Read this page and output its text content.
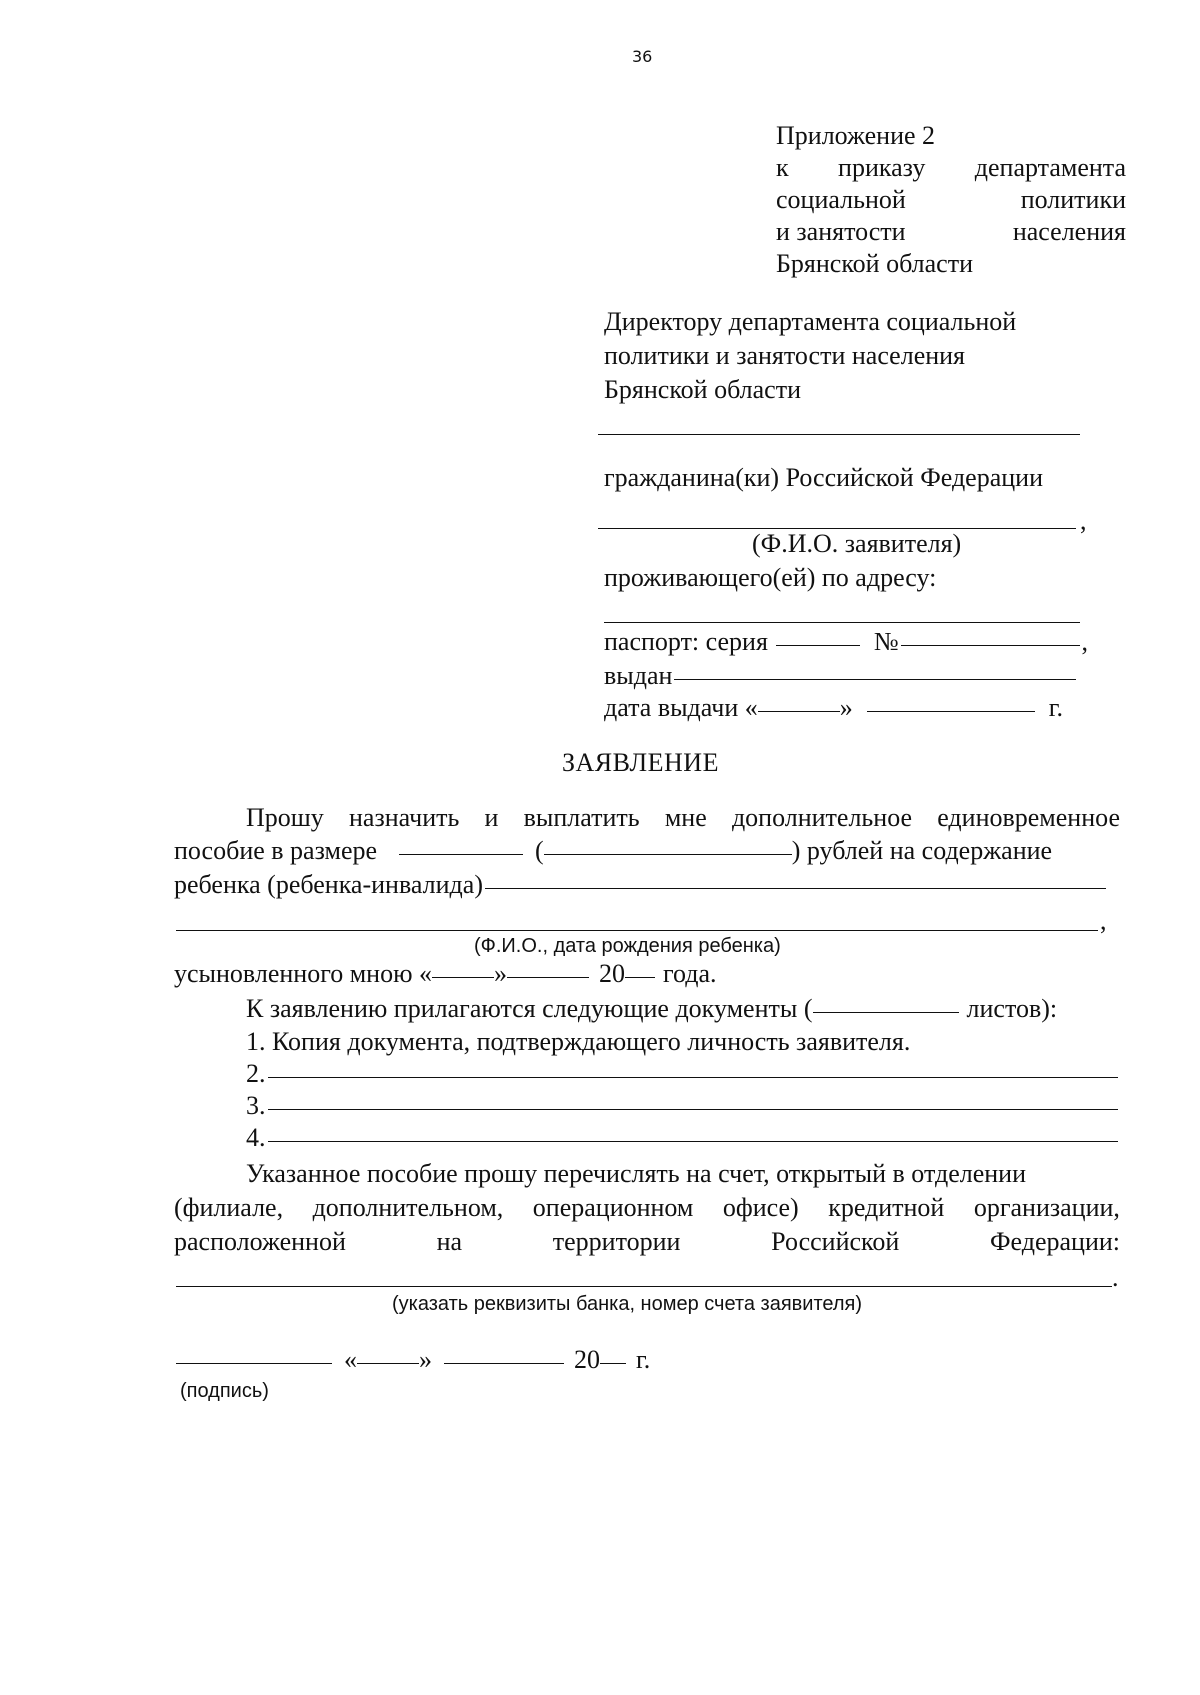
36
Приложение 2
к приказу департамента
социальной	политики
и занятости	населения
Брянской области
Директору департамента социальной
политики и занятости населения
Брянской области
гражданина(ки) Российской Федерации
,
(Ф.И.О. заявителя)
проживающего(ей) по адресу:
паспорт: серия	№	,
выдан
дата выдачи «	»	г.
ЗАЯВЛЕНИЕ
Прошу назначить и выплатить мне дополнительное единовременное
пособие в размере	(	) рублей на содержание
ребенка (ребенка-инвалида)
,
(Ф.И.О., дата рождения ребенка)
усыновленного мною « »	20 года.
К заявлению прилагаются следующие документы (	листов):
1. Копия документа, подтверждающего личность заявителя.
2.
3.
4.
Указанное пособие прошу перечислять на счет, открытый в отделении
(филиале, дополнительном, операционном офисе) кредитной организации,
расположенной	на	территории	Российской	Федерации:
.
(указать реквизиты банка, номер счета заявителя)
« »	20 г.
(подпись)
